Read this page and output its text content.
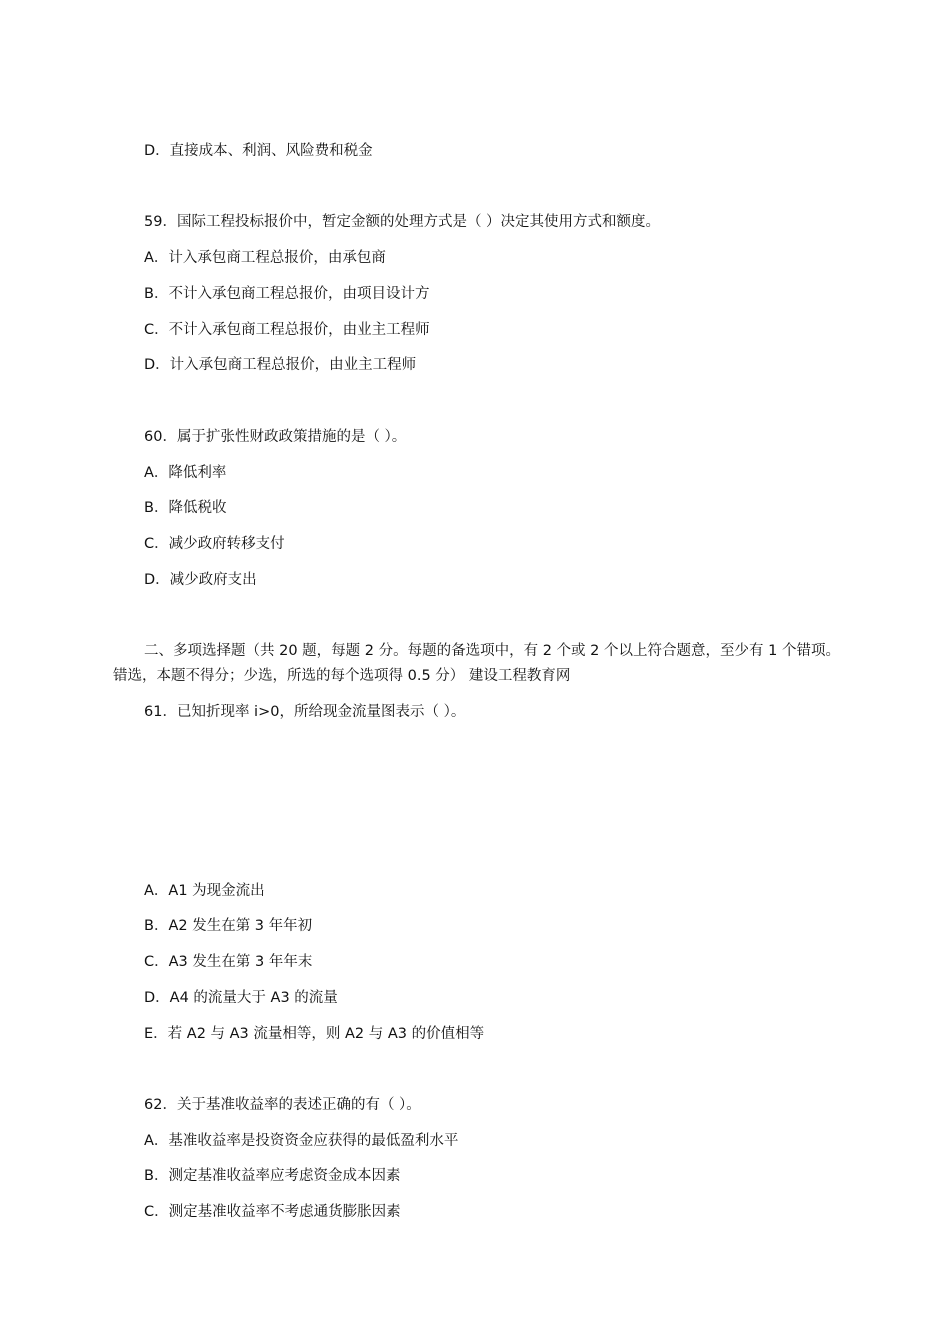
D．直接成本、利润、风险费和税金
59．国际工程投标报价中，暂定金额的处理方式是（ ）决定其使用方式和额度。
A．计入承包商工程总报价，由承包商
B．不计入承包商工程总报价，由项目设计方
C．不计入承包商工程总报价，由业主工程师
D．计入承包商工程总报价，由业主工程师
60．属于扩张性财政政策措施的是（ ）。
A．降低利率
B．降低税收
C．减少政府转移支付
D．减少政府支出
二、多项选择题（共 20 题，每题 2 分。每题的备选项中，有 2 个或 2 个以上符合题意，至少有 1 个错项。
错选，本题不得分；少选，所选的每个选项得 0.5 分） 建设工程教育网
61．已知折现率 i>0，所给现金流量图表示（ ）。
A．A1 为现金流出
B．A2 发生在第 3 年年初
C．A3 发生在第 3 年年末
D．A4 的流量大于 A3 的流量
E．若 A2 与 A3 流量相等，则 A2 与 A3 的价值相等
62．关于基准收益率的表述正确的有（ ）。
A．基准收益率是投资资金应获得的最低盈利水平
B．测定基准收益率应考虑资金成本因素
C．测定基准收益率不考虑通货膨胀因素
